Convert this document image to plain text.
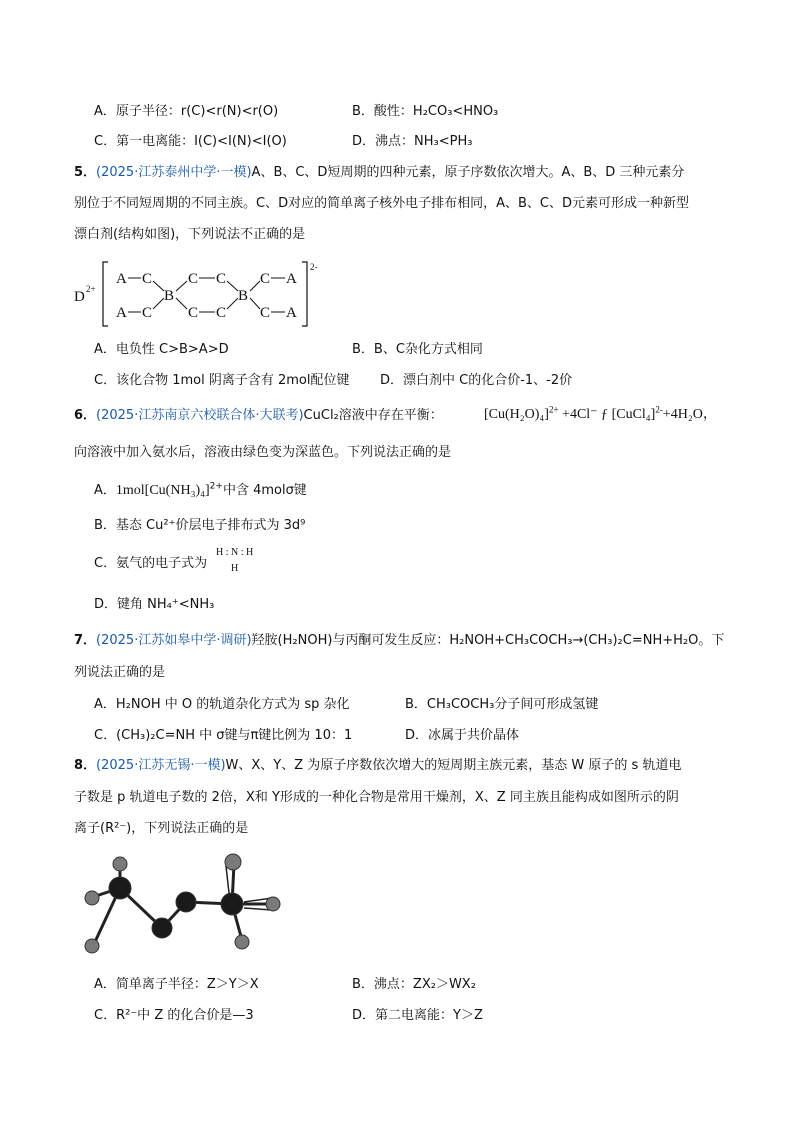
A．原子半径：r(C)<r(N)<r(O)	B．酸性：H₂CO₃<HNO₃
C．第一电离能：I(C)<I(N)<I(O)	D．沸点：NH₃<PH₃
5．(2025·江苏泰州中学·一模)A、B、C、D短周期的四种元素，原子序数依次增大。A、B、D 三种元素分
别位于不同短周期的不同主族。C、D对应的简单离子核外电子排布相同，A、B、C、D元素可形成一种新型
漂白剂(结构如图)，下列说法不正确的是
D 2+
2-
A C
A C
B
C C
C C
B
C A
C A
A．电负性 C>B>A>D	B．B、C杂化方式相同
C．该化合物 1mol 阴离子含有 2mol配位键 D．漂白剂中 C的化合价-1、-2价
6．(2025·江苏南京六校联合体·大联考)CuCl₂溶液中存在平衡：	$[Cu(H_2O)_4]^{2+} +4Cl^-$ ƒ [CuCl₄]$^{2-}$+4H₂O，
向溶液中加入氨水后，溶液由绿色变为深蓝色。下列说法正确的是
A．$1mol[Cu(NH_3)_4]^{2+}$中含 4molσ键
B．基态 Cu²⁺价层电子排布式为 3d⁹
C．氨气的电子式为
H : N : H
H
D．键角 NH₄⁺<NH₃
7．(2025·江苏如皋中学·调研)羟胺(H₂NOH)与丙酮可发生反应：H₂NOH+CH₃COCH₃→(CH₃)₂C=NH+H₂O。下
列说法正确的是
A．H₂NOH 中 O 的轨道杂化方式为 sp 杂化	B．CH₃COCH₃分子间可形成氢键
C．(CH₃)₂C=NH 中 σ键与π键比例为 10：1	D．冰属于共价晶体
8．(2025·江苏无锡·一模)W、X、Y、Z 为原子序数依次增大的短周期主族元素，基态 W 原子的 s 轨道电
子数是 p 轨道电子数的 2倍，X和 Y形成的一种化合物是常用干燥剂，X、Z 同主族且能构成如图所示的阴
离子(R²⁻)，下列说法正确的是
A．简单离子半径：Z＞Y＞X	B．沸点：ZX₂＞WX₂
C．R²⁻中 Z 的化合价是—3	D．第二电离能：Y＞Z
